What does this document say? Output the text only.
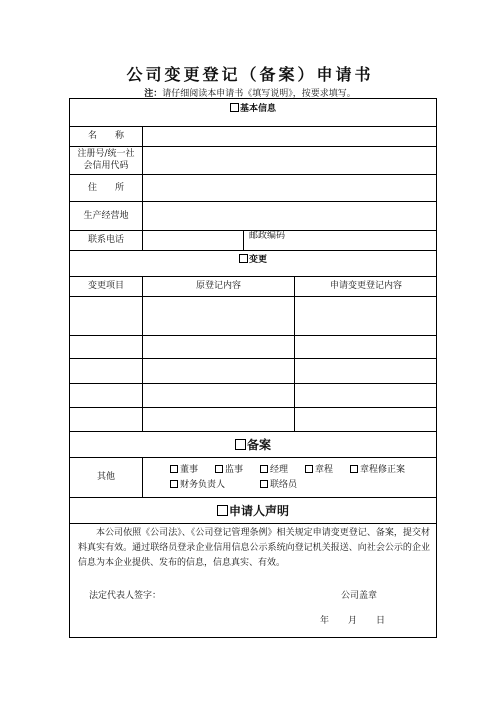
公司变更登记（备案）申请书
注：请仔细阅读本申请书《填写说明》，按要求填写。
基本信息
名　　称
注册号/统一社
会信用代码
住　　所
生产经营地
联系电话	邮政编码
变更
变更项目	原登记内容	申请变更登记内容
备案
其他
董事	监事	经理	章程	章程修正案
财务负责人	联络员
申请人声明
本公司依照《公司法》、《公司登记管理条例》相关规定申请变更登记、备案，提交材料真实有效。通过联络员登录企业信用信息公示系统向登记机关报送、向社会公示的企业信息为本企业提供、发布的信息，信息真实、有效。
法定代表人签字：	公司盖章
年 月 日
